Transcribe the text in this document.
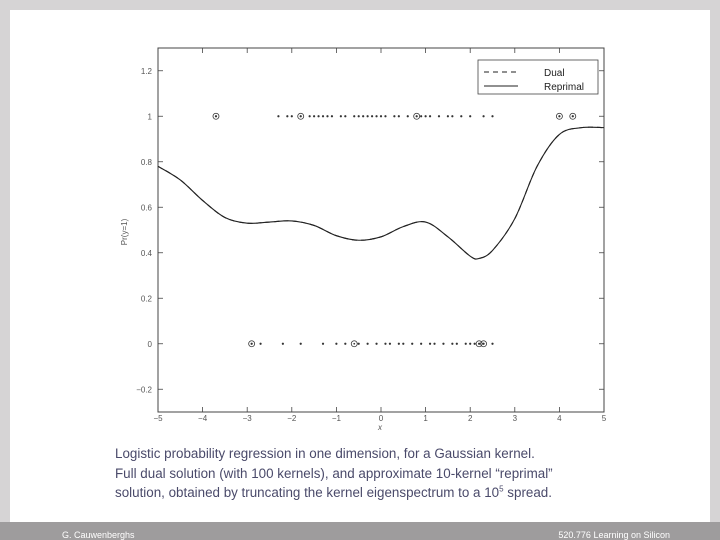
−0.2
0
0.2
0.4
0.6
0.8
1
1.2
−5	−4	−3	−2	−1	0	1	2	3	4	5
x
Pr(y=1)
Dual
Reprimal
Logistic probability regression in one dimension, for a Gaussian kernel.
Full dual solution (with 100 kernels), and approximate 10-kernel “reprimal”
solution, obtained by truncating the kernel eigenspectrum to a $10^5$ spread.
G. Cauwenberghs	520.776 Learning on Silicon
